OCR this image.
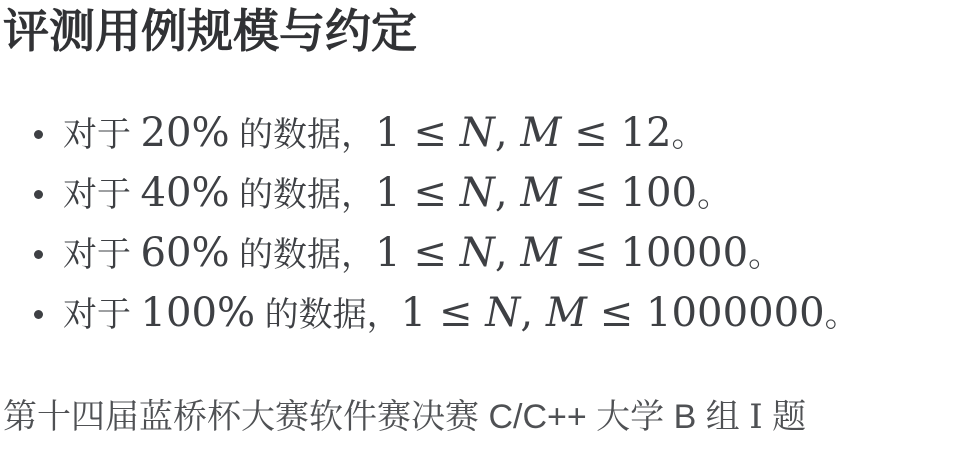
评测用例规模与约定
对于 20% 的数据，1 ≤ N, M ≤ 12。
对于 40% 的数据，1 ≤ N, M ≤ 100。
对于 60% 的数据，1 ≤ N, M ≤ 10000。
对于 100% 的数据，1 ≤ N, M ≤ 1000000。

第十四届蓝桥杯大赛软件赛决赛 C/C++ 大学 B 组 I 题
